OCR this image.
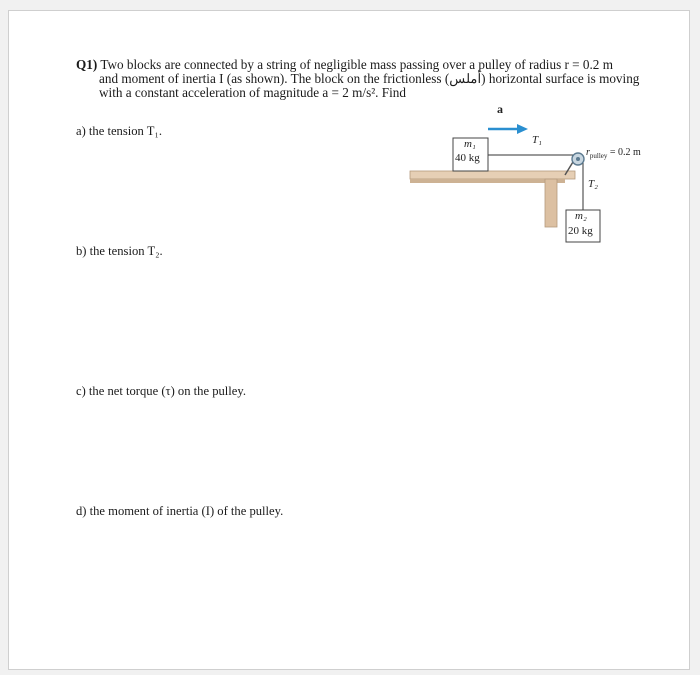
Q1) Two blocks are connected by a string of negligible mass passing over a pulley of radius r = 0.2 m
and moment of inertia I (as shown). The block on the frictionless (أملس) horizontal surface is moving
with a constant acceleration of magnitude a = 2 m/s². Find
a) the tension T₁.
b) the tension T₂.
c) the net torque (τ) on the pulley.
d) the moment of inertia (I) of the pulley.
a⃗
m₁
40 kg
T₁
$r_{pulley} = 0.2$ m
T₂
m₂
20 kg
